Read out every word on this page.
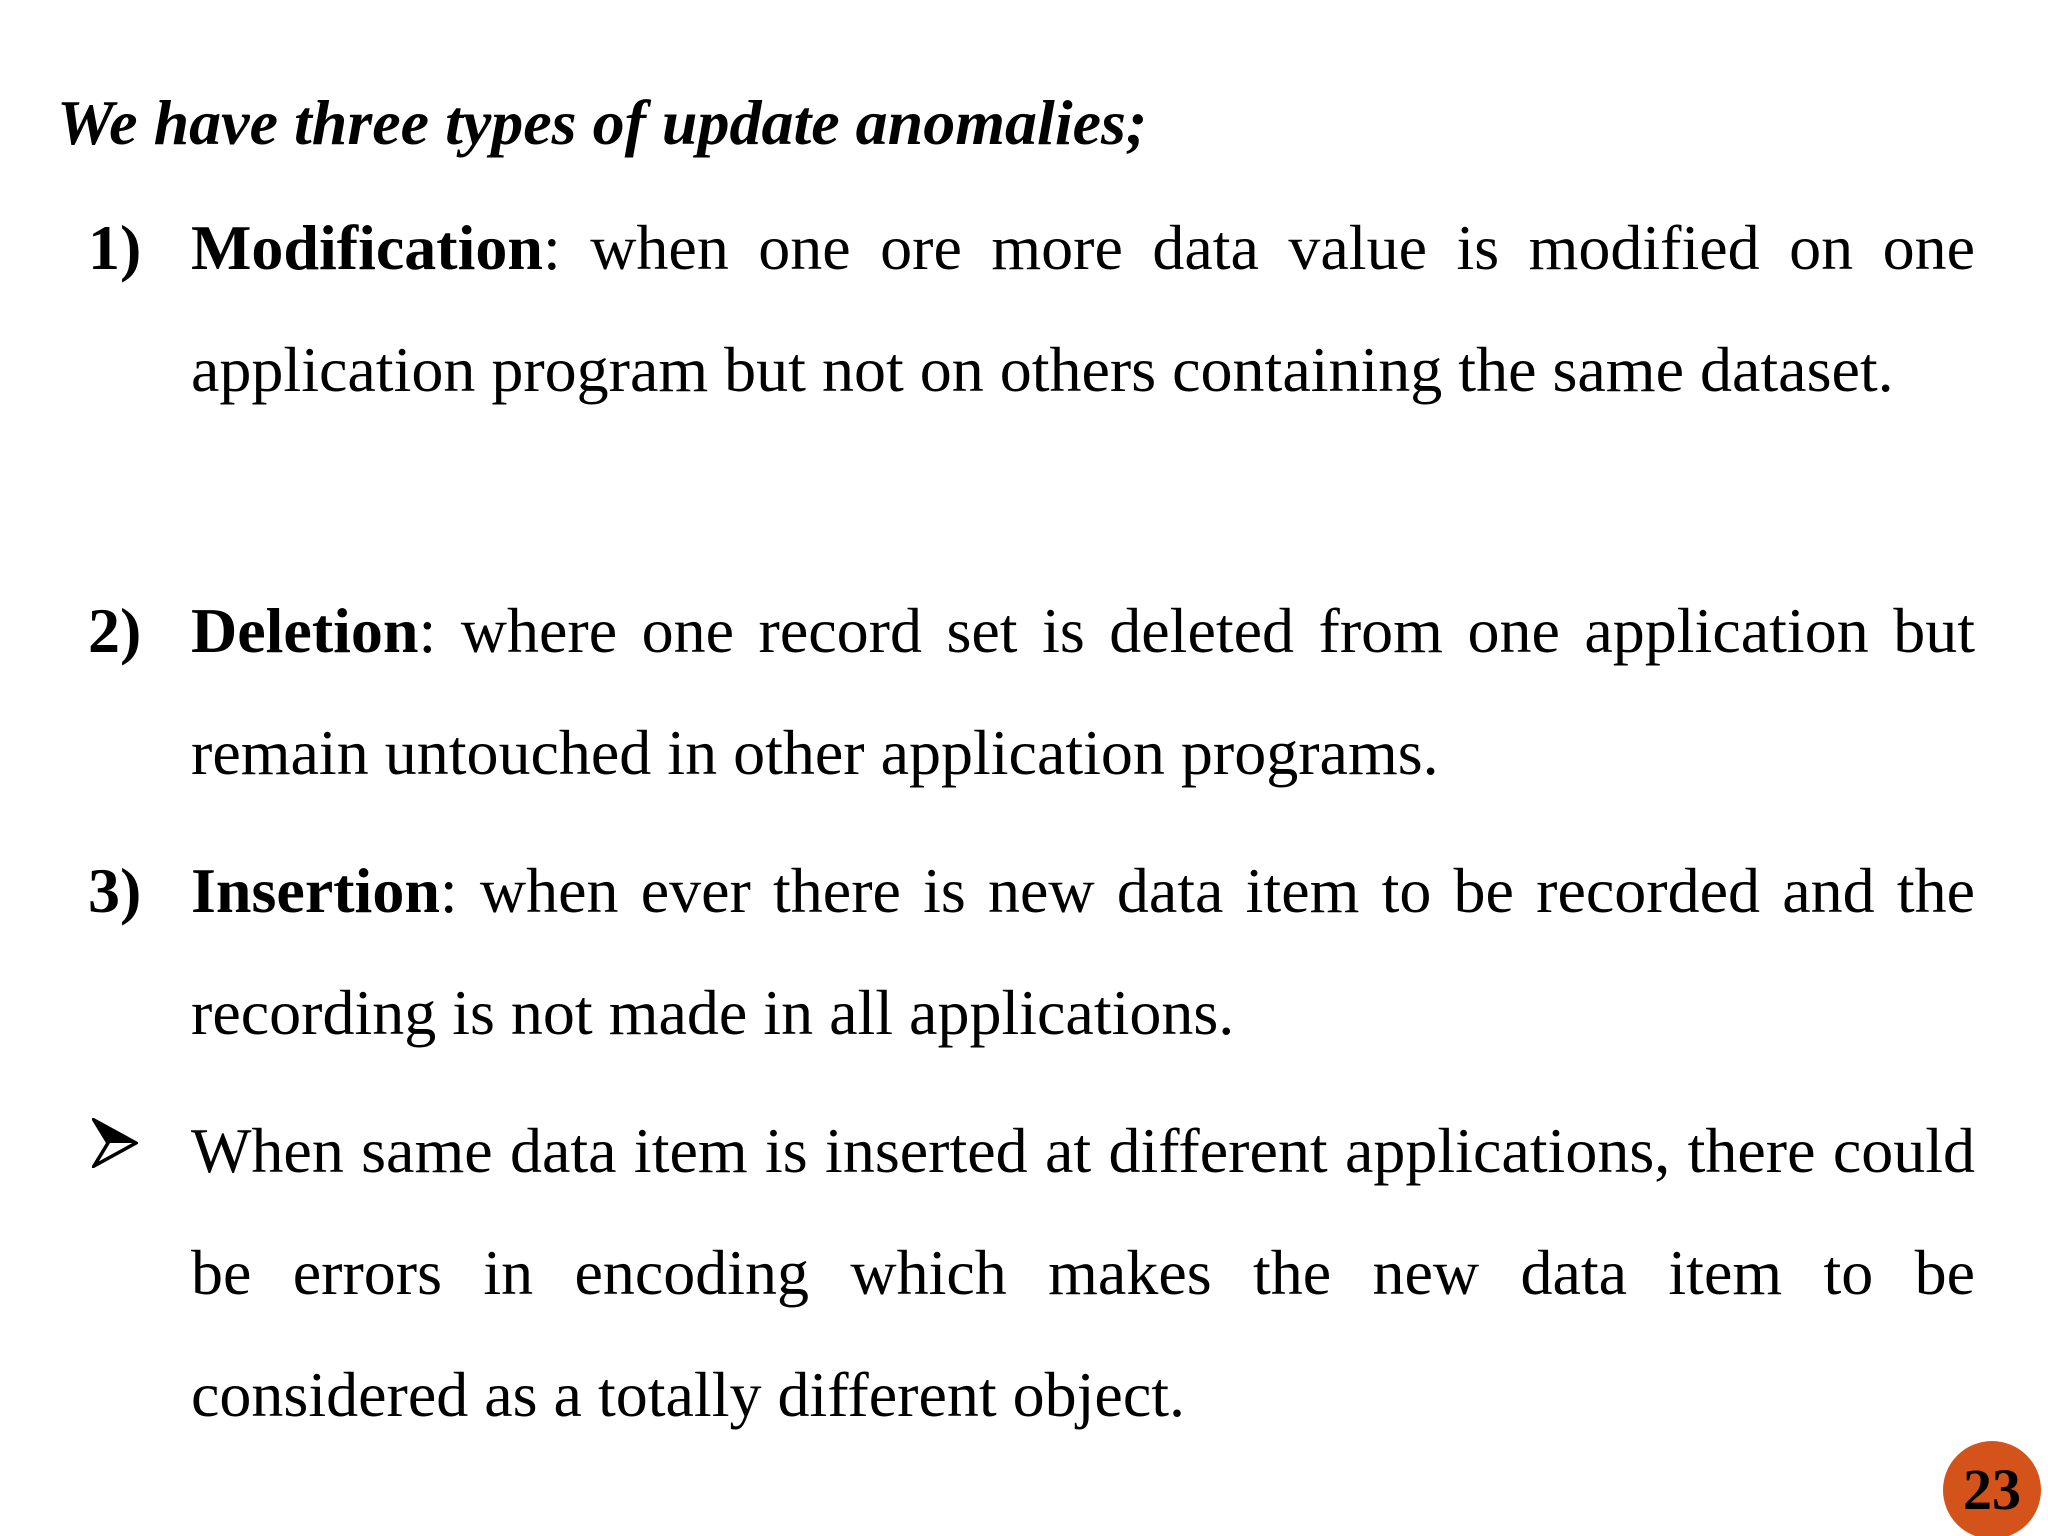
We have three types of update anomalies;
1) Modification: when one ore more data value is modified on one application program but not on others containing the same dataset.
2) Deletion: where one record set is deleted from one application but remain untouched in other application programs.
3) Insertion: when ever there is new data item to be recorded and the recording is not made in all applications.
When same data item is inserted at different applications, there could be errors in encoding which makes the new data item to be considered as a totally different object.
23
